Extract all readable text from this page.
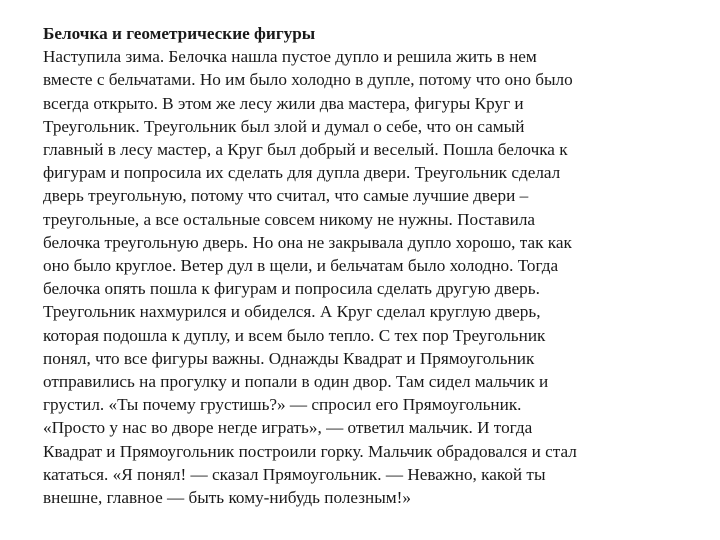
Белочка и геометрические фигуры
Наступила зима. Белочка нашла пустое дупло и решила жить в нем
вместе с бельчатами. Но им было холодно в дупле, потому что оно было
всегда открыто. В этом же лесу жили два мастера, фигуры Круг и
Треугольник. Треугольник был злой и думал о себе, что он самый
главный в лесу мастер, а Круг был добрый и веселый. Пошла белочка к
фигурам и попросила их сделать для дупла двери. Треугольник сделал
дверь треугольную, потому что считал, что самые лучшие двери –
треугольные, а все остальные совсем никому не нужны. Поставила
белочка треугольную дверь. Но она не закрывала дупло хорошо, так как
оно было круглое. Ветер дул в щели, и бельчатам было холодно. Тогда
белочка опять пошла к фигурам и попросила сделать другую дверь.
Треугольник нахмурился и обиделся. А Круг сделал круглую дверь,
которая подошла к дуплу, и всем было тепло. С тех пор Треугольник
понял, что все фигуры важны. Однажды Квадрат и Прямоугольник
отправились на прогулку и попали в один двор. Там сидел мальчик и
грустил. «Ты почему грустишь?» — спросил его Прямоугольник.
«Просто у нас во дворе негде играть», — ответил мальчик. И тогда
Квадрат и Прямоугольник построили горку. Мальчик обрадовался и стал
кататься. «Я понял! — сказал Прямоугольник. — Неважно, какой ты
внешне, главное — быть кому-нибудь полезным!»
